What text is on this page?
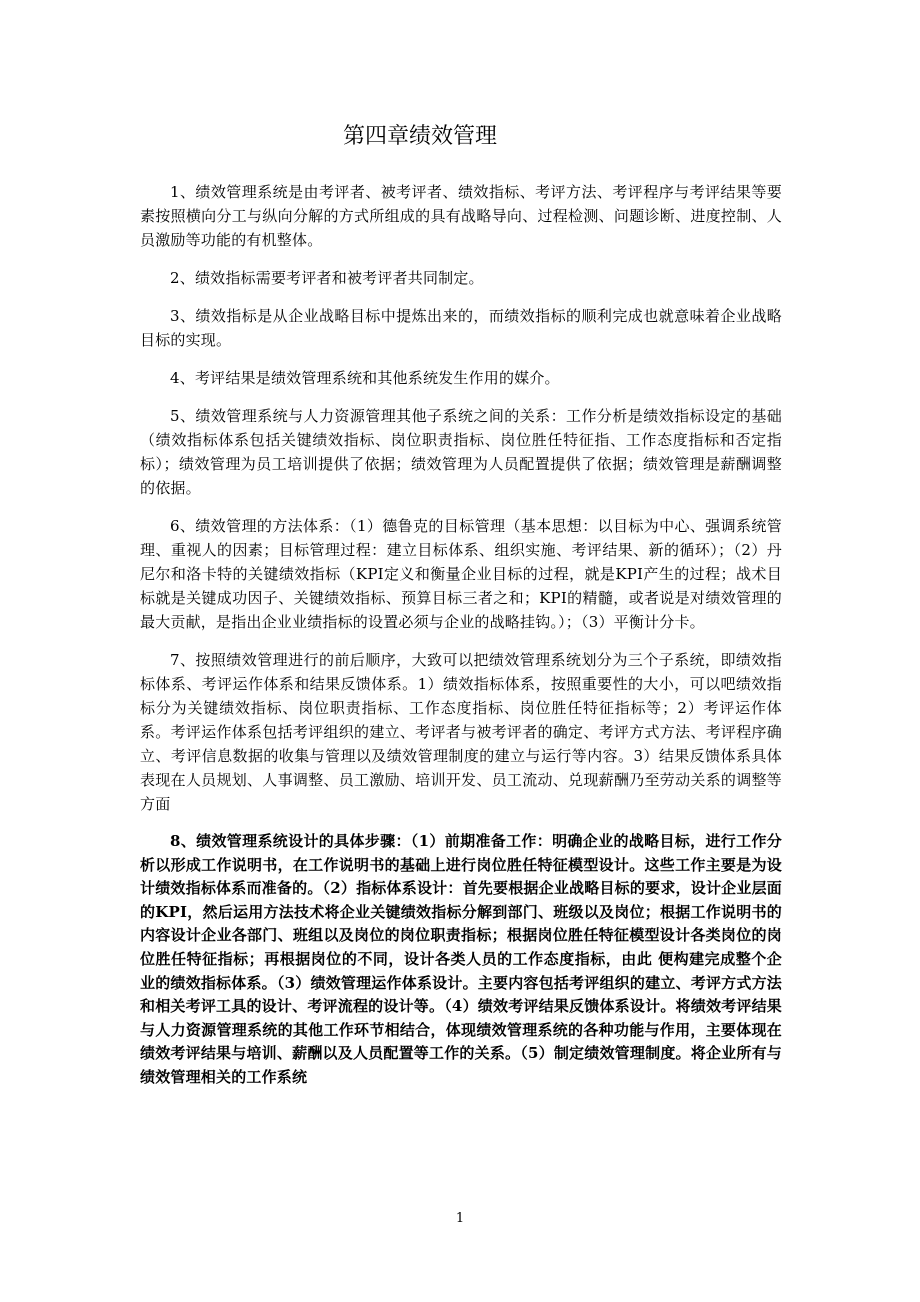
第四章绩效管理

1、绩效管理系统是由考评者、被考评者、绩效指标、考评方法、考评程序与考评结果等要素按照横向分工与纵向分解的方式所组成的具有战略导向、过程检测、问题诊断、进度控制、人员激励等功能的有机整体。

2、绩效指标需要考评者和被考评者共同制定。

3、绩效指标是从企业战略目标中提炼出来的，而绩效指标的顺利完成也就意味着企业战略目标的实现。

4、考评结果是绩效管理系统和其他系统发生作用的媒介。

5、绩效管理系统与人力资源管理其他子系统之间的关系：工作分析是绩效指标设定的基础（绩效指标体系包括关键绩效指标、岗位职责指标、岗位胜任特征指、工作态度指标和否定指标）；绩效管理为员工培训提供了依据；绩效管理为人员配置提供了依据；绩效管理是薪酬调整的依据。

6、绩效管理的方法体系：（1）德鲁克的目标管理（基本思想：以目标为中心、强调系统管理、重视人的因素；目标管理过程：建立目标体系、组织实施、考评结果、新的循环）；（2）丹尼尔和洛卡特的关键绩效指标（KPI定义和衡量企业目标的过程，就是KPI产生的过程；战术目标就是关键成功因子、关键绩效指标、预算目标三者之和；KPI的精髓，或者说是对绩效管理的最大贡献，是指出企业业绩指标的设置必须与企业的战略挂钩。）；（3）平衡计分卡。

7、按照绩效管理进行的前后顺序，大致可以把绩效管理系统划分为三个子系统，即绩效指标体系、考评运作体系和结果反馈体系。1）绩效指标体系，按照重要性的大小，可以吧绩效指标分为关键绩效指标、岗位职责指标、工作态度指标、岗位胜任特征指标等；2）考评运作体系。考评运作体系包括考评组织的建立、考评者与被考评者的确定、考评方式方法、考评程序确立、考评信息数据的收集与管理以及绩效管理制度的建立与运行等内容。3）结果反馈体系具体表现在人员规划、人事调整、员工激励、培训开发、员工流动、兑现薪酬乃至劳动关系的调整等方面

8、绩效管理系统设计的具体步骤：（1）前期准备工作：明确企业的战略目标，进行工作分析以形成工作说明书，在工作说明书的基础上进行岗位胜任特征模型设计。这些工作主要是为设计绩效指标体系而准备的。（2）指标体系设计：首先要根据企业战略目标的要求，设计企业层面的KPI，然后运用方法技术将企业关键绩效指标分解到部门、班级以及岗位；根据工作说明书的内容设计企业各部门、班组以及岗位的岗位职责指标；根据岗位胜任特征模型设计各类岗位的岗位胜任特征指标；再根据岗位的不同，设计各类人员的工作态度指标，由此 便构建完成整个企业的绩效指标体系。（3）绩效管理运作体系设计。主要内容包括考评组织的建立、考评方式方法和相关考评工具的设计、考评流程的设计等。（4）绩效考评结果反馈体系设计。将绩效考评结果与人力资源管理系统的其他工作环节相结合，体现绩效管理系统的各种功能与作用，主要体现在绩效考评结果与培训、薪酬以及人员配置等工作的关系。（5）制定绩效管理制度。将企业所有与绩效管理相关的工作系统

1
